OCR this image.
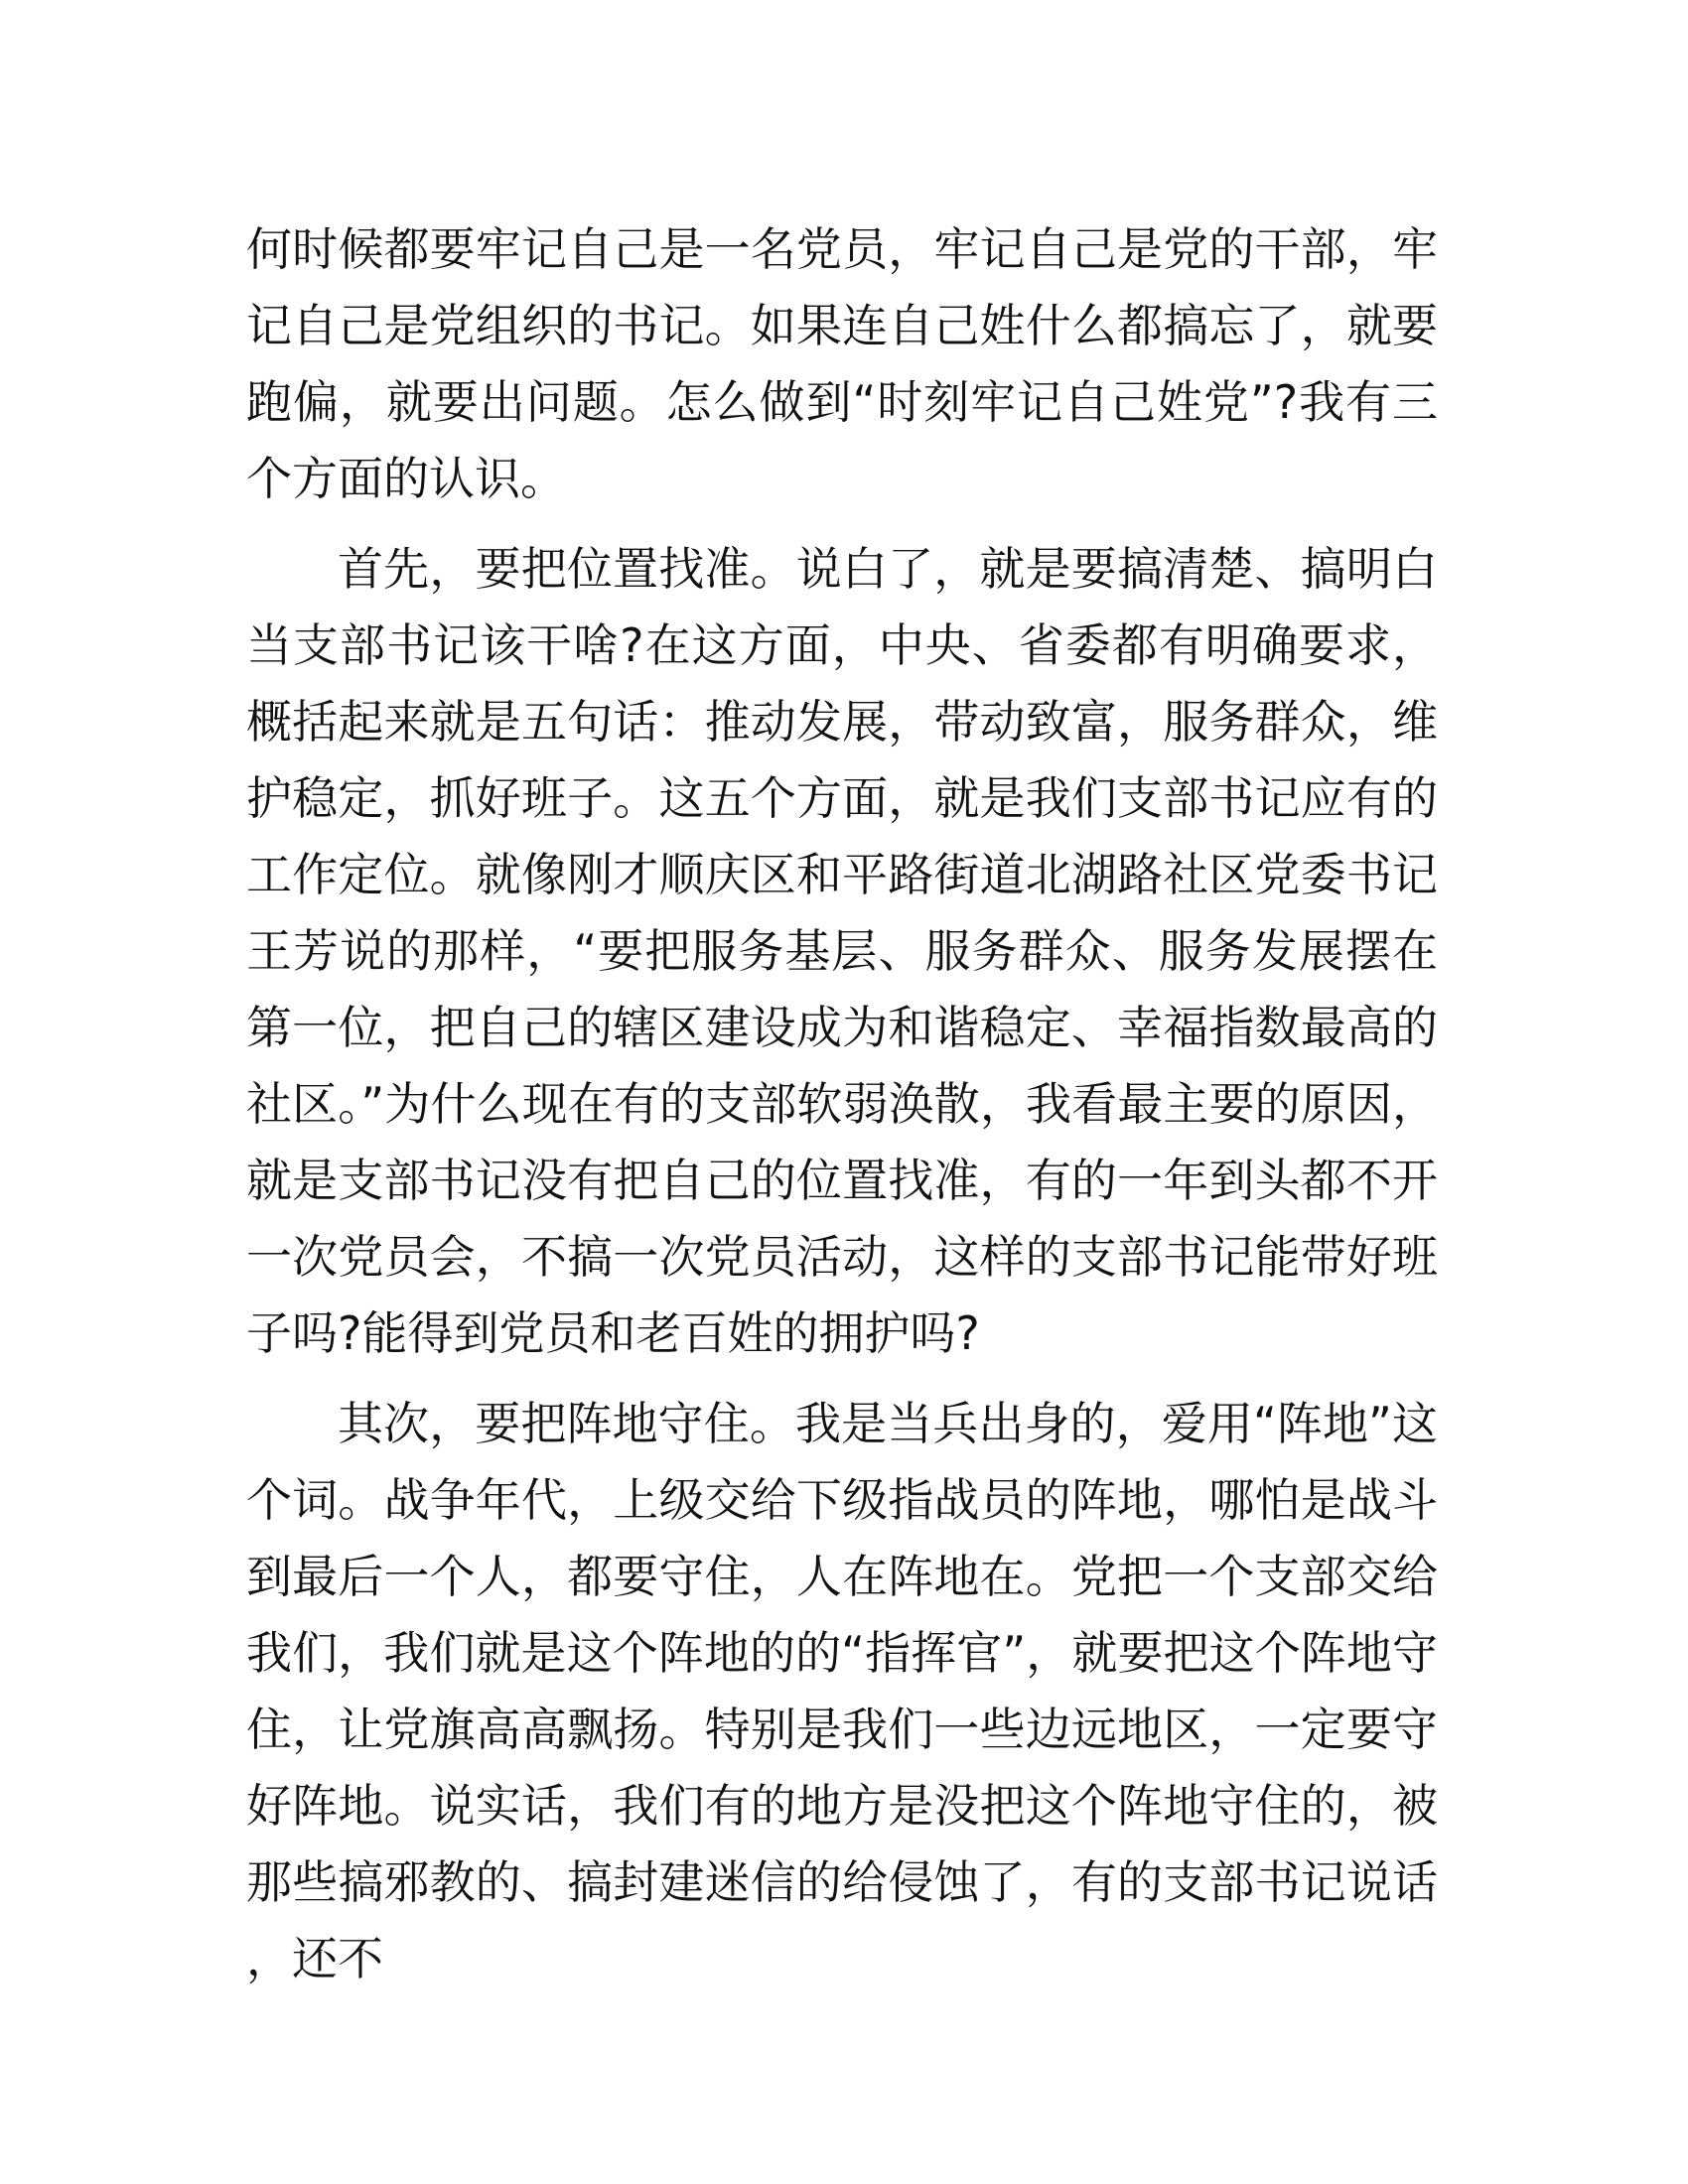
何时候都要牢记自己是一名党员，牢记自己是党的干部，牢记自己是党组织的书记。如果连自己姓什么都搞忘了，就要跑偏，就要出问题。怎么做到“时刻牢记自己姓党”?我有三个方面的认识。

首先，要把位置找准。说白了，就是要搞清楚、搞明白当支部书记该干啥?在这方面，中央、省委都有明确要求，概括起来就是五句话：推动发展，带动致富，服务群众，维护稳定，抓好班子。这五个方面，就是我们支部书记应有的工作定位。就像刚才顺庆区和平路街道北湖路社区党委书记王芳说的那样，“要把服务基层、服务群众、服务发展摆在第一位，把自己的辖区建设成为和谐稳定、幸福指数最高的社区。”为什么现在有的支部软弱涣散，我看最主要的原因，就是支部书记没有把自己的位置找准，有的一年到头都不开一次党员会，不搞一次党员活动，这样的支部书记能带好班子吗?能得到党员和老百姓的拥护吗?

其次，要把阵地守住。我是当兵出身的，爱用“阵地”这个词。战争年代，上级交给下级指战员的阵地，哪怕是战斗到最后一个人，都要守住，人在阵地在。党把一个支部交给我们，我们就是这个阵地的的“指挥官”，就要把这个阵地守住，让党旗高高飘扬。特别是我们一些边远地区，一定要守好阵地。说实话，我们有的地方是没把这个阵地守住的，被那些搞邪教的、搞封建迷信的给侵蚀了，有的支部书记说话，还不
